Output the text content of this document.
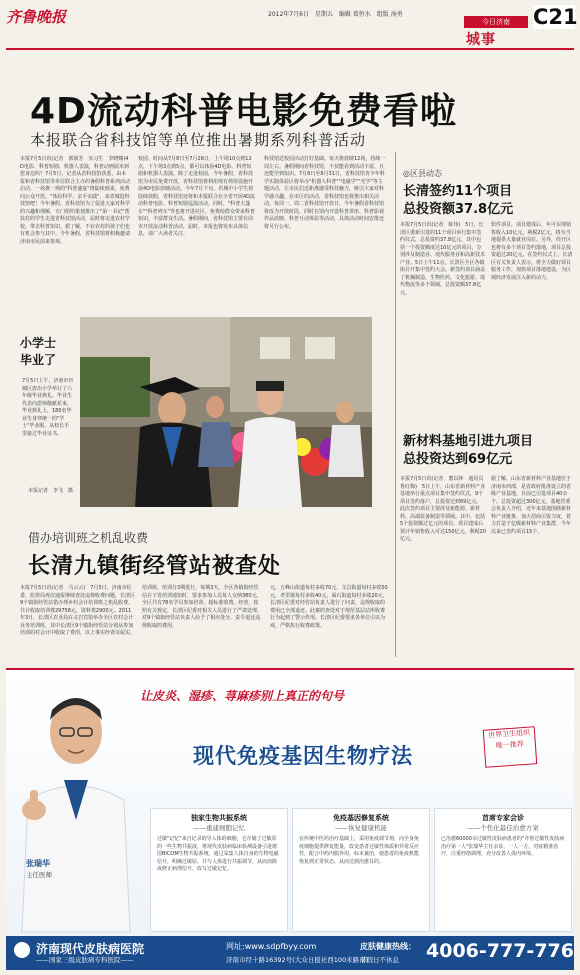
齐鲁晚报	2012年7月6日　星期五　编辑 葛恒水　组版 汤勇
今日济南
城事
C21
4D流动科普电影免费看啦
本报联合省科技馆等单位推出暑期系列科普活动
本报7月5日讯(记者　郭淑芳　实习生　李晓娜)4D电影、科普短剧、机器人表演，科普动画展未到您身边吗？7月5日，记者从省科技馆获悉，由本报和省科技馆等单位联合主办的暑假科普系列活动启动，一场推一场的"科普盛宴"将陆续到来，免费向公众开放。"体验科学、亲手实践"，来省城逛科技馆吧！今年暑假，省科技馆为了促进大家对科学的兴趣和理解，专门组织策划推出了"第一书记"帮扶村的学生走进省科技馆活动，届时将走进农村学校，带去科普知识。据了解，不在农村的孩子们也有机会参与其中。今年暑假，省科技馆将积极邀请济南市民前来参观。
校园、时间从7月8日至7月26日，上午场10点到12点，下午场3点到5点，都可以体验4D电影、科普短剧和机器人表演。除了走进校园，今年暑假，省科技馆为市民免费开放，省科技馆将利用现有场馆设施开展4D电影放映活动。今年7月下旬，省城中小学生将陆续放假，省科技馆还将和本报联合在全省开展4D流动科普电影、科普短剧巡演活动，同时，"科普大篷车""科普列车"等也将开进社区，免费给群众带来科普知识，丰富群众生活。暑假期间，省科技馆主要在周末开放流动科普活动，届时，本报也将发布具体信息，请广大读者关注。
科技馆送校园活动打好基础。每天将放映12场，持续一周左右。暑假期间省科技馆，不仅能看到活动丰富，且还能学到知识。7月8日至8月31日，省科技馆青少年科学实践体验区将举办"机器人科普""电磁学""光学"等主题活动，让市民们近距离感受科技魅力，吸引大家对科学感兴趣。在市区的活动，省科技馆也将推出相关活动。每周一、周二省科技馆开放日，今年暑假省科技馆将改为开放时段，同时在馆内开设科普讲座、科普影视作品放映、科普互动体验等活动，具体活动时间安排还将另行公布。
小学士
毕业了
7月5日上午，济南市历城区唐冶小学举行了六年级毕业典礼，毕业生代表向恩师敬献花束，毕业典礼上，180名毕业生身穿统一的"学士"毕业服，从校长手里接过毕业证书。
本报记者　李飞　摄
借办培训班之机乱收费
长清九镇街经管站被查处
本报7月5日讯(记者　马云云)　7月5日，济南市纪委、监察局再次通报继续查处违规收费问题，长清区9个镇街经管站借办理乡村会计培训班之机乱收费，共计收取培训费29758元、资料费2900元。2011年3月，长清区农业局在灵岩宾馆举办全区农村会计业务培训班，其中长清区9个镇街经管站分别从参加培训的村会计中收取了费用，以上事实经查证属实。
培训班，培训分3期进行，每期3天，全区各镇街经管站在下发培训通知时，要求参加人员每人交纳380元。全区共有78名学员参加培训，超标准收费。经查，按照有关规定，长清区纪委对相关人员进行了严肃处理，对9个镇街经管站负责人给予了相应处分，责令退还违规收取的费用。
元，五峰山街道每村多收70元，文昌街道每村多收50元，孝里镇每村多收40元，面石街道每村多收20元。长清区纪委对经管站负责人进行了问责，违规收取的费用已全部退还。此案的查处对于规范基层站所收费行为起到了警示作用，长清区纪委要求各单位引以为戒，严格执行收费政策。
◎区县动态
长清签约11个项目
总投资额37.8亿元
本报7月5日讯(记者　陈伟)　5日，长清区委新引进的11个项目举行集中签约仪式，总投资约37.8亿元，其中包括一个投资额度达10亿元的项目，分别涉及制造业、现代服务业和高新技术产业。5日上午11点，长清区全区各镇街召开集中签约大会，新签约项目涵盖了机械制造、生物医药、文化旅游、现代物流等多个领域，总投资额37.8亿元。
软件项目，项目建成后，年可实现销售收入10亿元，利税2亿元，将为当地提供大量就业岗位。另外，经开区也将有多个项目签约落地，项目总投资超过20亿元。在签约仪式上，长清区有关负责人表示，将全力做好项目服务工作，加快项目落地建设，为区域经济发展注入新的动力。
新材料基地引进九项目
总投资达到69亿元
本报7月5日讯(记者　董以林　通讯员　鲁红梅)　5日上午，山东省新材料产业基地举行重点项目集中签约仪式，9个项目签约落户，总投资达到69亿元。此次签约项目主要涉及新能源、新材料、高端装备制造等领域。其中，包括5个投资额过亿元的项目，项目建成后预计年销售收入可达150亿元，利税20亿元。
据了解，山东省新材料产业基地位于济南市西部，是省政府批准设立的省级产业基地，目前已引进项目40余个，总投资超过300亿元。基地管委会负责人介绍，近年来基地围绕新材料产业链条，加大招商引资力度，着力打造千亿级新材料产业集群，今年以来已签约项目15个。
张瑞华
主任医师
让皮炎、湿疹、荨麻疹别上真正的句号
现代免疫基因生物疗法
世界卫生组织
唯一推荐
独家生物共振系统
——重建细胞记忆
过敏"记忆"来自记录的导入体的细胞，它存储了过敏原的一些生物共振波，将现代皮肤病临床检测设备引进德国BICOM生物共振系统，通过采集人体自身的生物电磁信号，明确过敏原，并与人体进行共振调节，从而消除或修正病理信号，改写过敏记忆。
免疫基因修复系统
——恢复健康机能
在传统中医药治疗基础上，采用免疫调节剂，向全身免疫细胞提供修复能量，改变患者过敏性体质和异常反应性，配合中药内服外用，标本兼治，使患者的免疫机能恢复到正常状态，从而达到治愈目的。
首席专家会诊
——个性化最佳治愈方案
已治愈60000余过敏性皮肤病患者的"齐鲁过敏性皮肤病治疗第一人"张瑞华主任亲诊，一人一方，对症精准治疗，注重经络调理，充分改善人体内环境。
济南现代皮肤病医院
——国家三级皮肤病专科医院——
网址:www.sdpfbyy.com
济南市经十路16392号(大众日报社西100米路南)
皮肤健康热线：
节假日不休息 4006-777-776
